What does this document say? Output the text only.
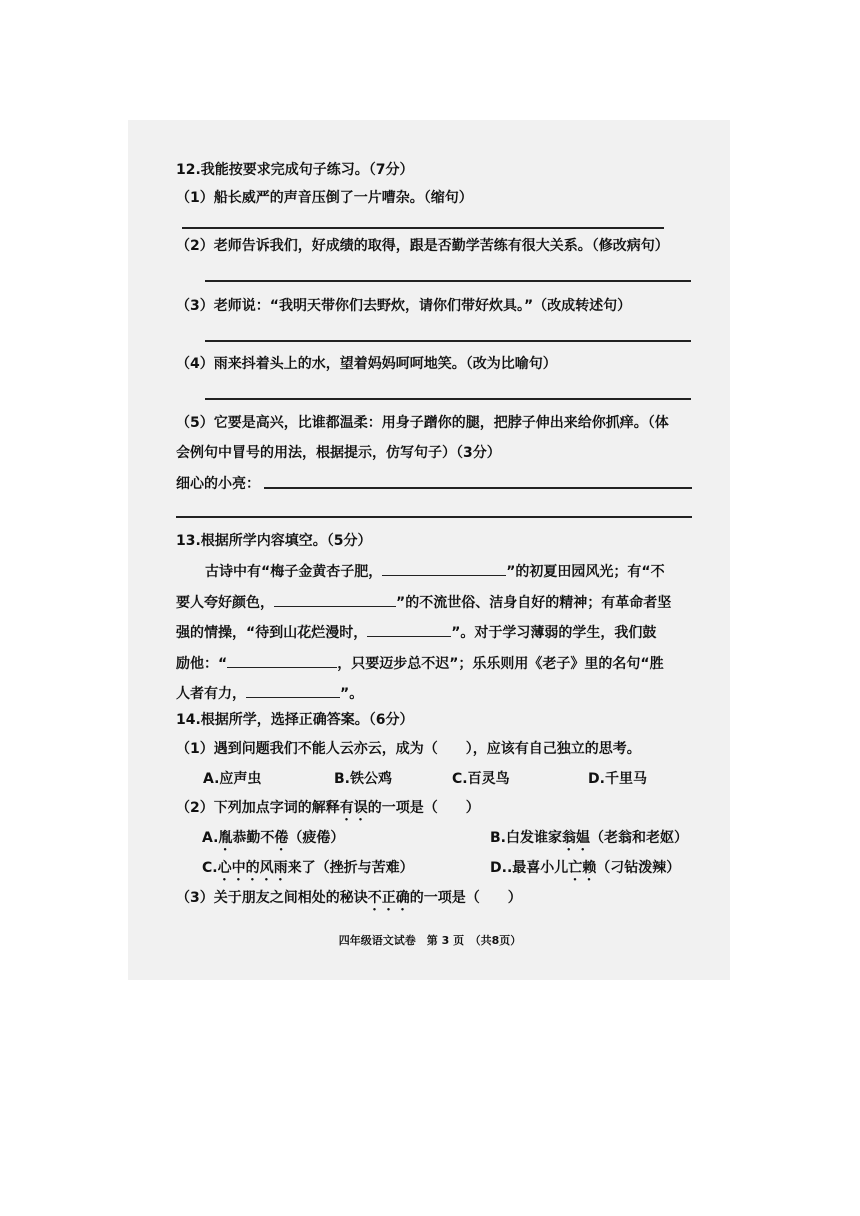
12.我能按要求完成句子练习。（7分）
（1）船长威严的声音压倒了一片嘈杂。（缩句）
（2）老师告诉我们，好成绩的取得，跟是否勤学苦练有很大关系。（修改病句）
（3）老师说：“我明天带你们去野炊，请你们带好炊具。”（改成转述句）
（4）雨来抖着头上的水，望着妈妈呵呵地笑。（改为比喻句）
（5）它要是高兴，比谁都温柔：用身子蹭你的腿，把脖子伸出来给你抓痒。（体
会例句中冒号的用法，根据提示，仿写句子）（3分）
细心的小亮：
13.根据所学内容填空。（5分）
古诗中有“梅子金黄杏子肥，	”的初夏田园风光；有“不
要人夸好颜色，	”的不流世俗、洁身自好的精神；有革命者坚
强的情操，“待到山花烂漫时，	”。对于学习薄弱的学生，我们鼓
励他：“	，只要迈步总不迟”；乐乐则用《老子》里的名句“胜
人者有力，	”。
14.根据所学，选择正确答案。（6分）
（1）遇到问题我们不能人云亦云，成为（　　），应该有自己独立的思考。
A.应声虫	B.铁公鸡	C.百灵鸟	D.千里马
（2）下列加点字词的解释有误的一项是（　　）
A.胤恭勤不倦（疲倦）	B.白发谁家翁媪（老翁和老妪）
C.心中的风雨来了（挫折与苦难）	D..最喜小儿亡赖（刁钻泼辣）
（3）关于朋友之间相处的秘诀不正确的一项是（　　）
四年级语文试卷　第 3 页　（共8页）
